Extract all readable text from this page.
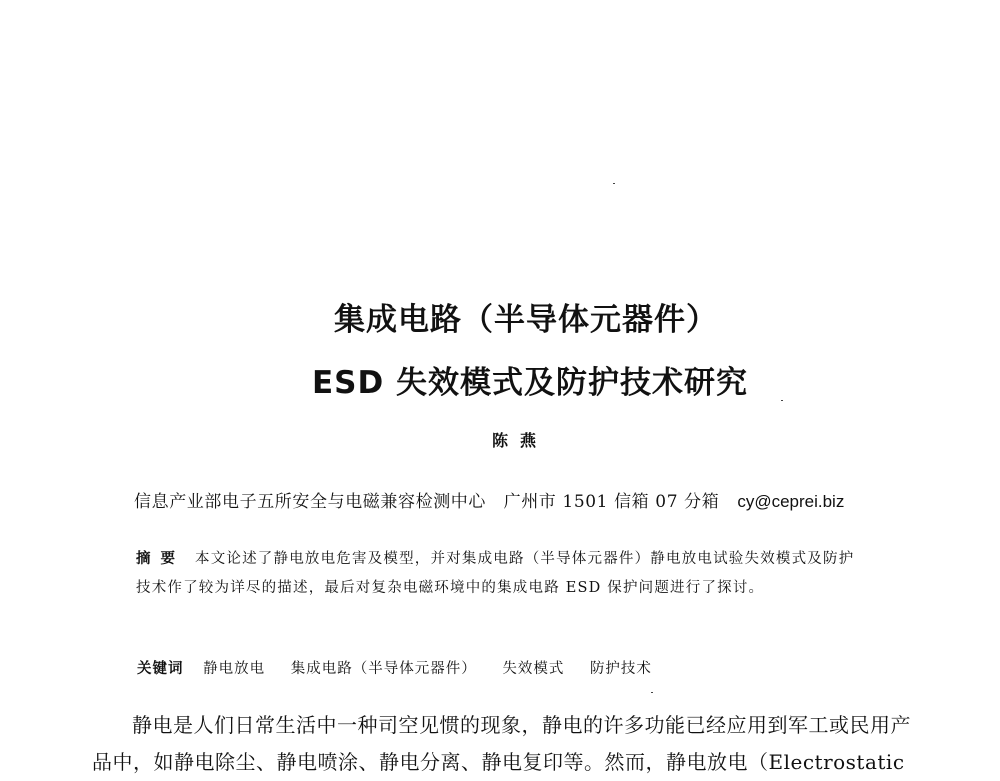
集成电路（半导体元器件）
ESD 失效模式及防护技术研究
陈燕
信息产业部电子五所安全与电磁兼容检测中心　广州市 1501 信箱 07 分箱 cy@ceprei.biz
摘要 本文论述了静电放电危害及模型，并对集成电路（半导体元器件）静电放电试验失效模式及防护技术作了较为详尽的描述，最后对复杂电磁环境中的集成电路 ESD 保护问题进行了探讨。
关键词 静电放电 集成电路（半导体元器件） 失效模式 防护技术
静电是人们日常生活中一种司空见惯的现象，静电的许多功能已经应用到军工或民用产品中，如静电除尘、静电喷涂、静电分离、静电复印等。然而，静电放电（Electrostatic
